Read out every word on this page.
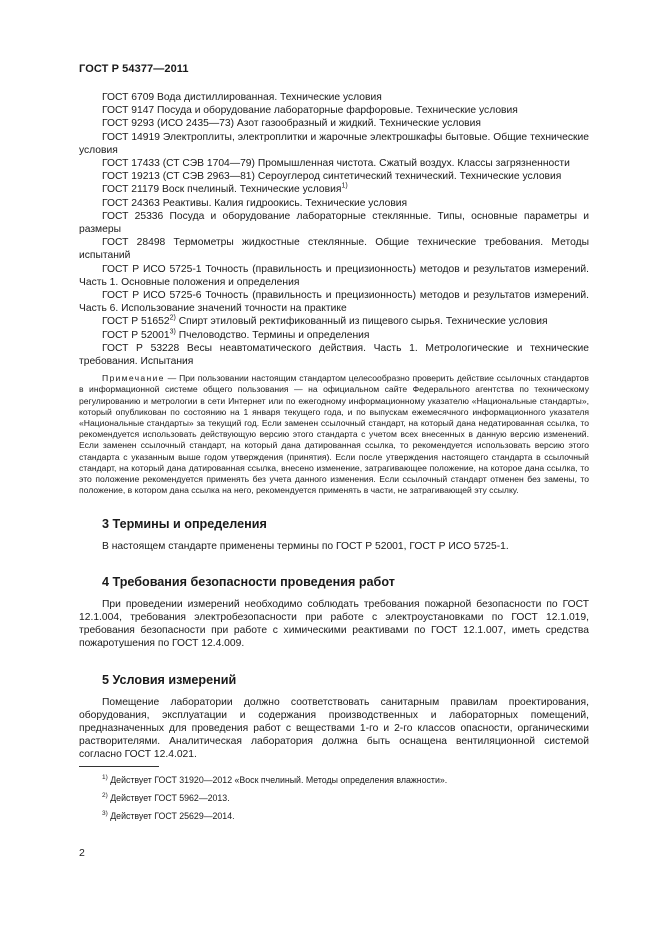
ГОСТ Р 54377—2011

ГОСТ 6709 Вода дистиллированная. Технические условия

ГОСТ 9147 Посуда и оборудование лабораторные фарфоровые. Технические условия

ГОСТ 9293 (ИСО 2435—73) Азот газообразный и жидкий. Технические условия

ГОСТ 14919 Электроплиты, электроплитки и жарочные электрошкафы бытовые. Общие технические условия

ГОСТ 17433 (СТ СЭВ 1704—79) Промышленная чистота. Сжатый воздух. Классы загрязненности

ГОСТ 19213 (СТ СЭВ 2963—81) Сероуглерод синтетический технический. Технические условия

ГОСТ 21179 Воск пчелиный. Технические условия$^{1)}$

ГОСТ 24363 Реактивы. Калия гидроокись. Технические условия

ГОСТ 25336 Посуда и оборудование лабораторные стеклянные. Типы, основные параметры и размеры

ГОСТ 28498 Термометры жидкостные стеклянные. Общие технические требования. Методы испытаний

ГОСТ Р ИСО 5725-1 Точность (правильность и прецизионность) методов и результатов измерений. Часть 1. Основные положения и определения

ГОСТ Р ИСО 5725-6 Точность (правильность и прецизионность) методов и результатов измерений. Часть 6. Использование значений точности на практике

ГОСТ Р 51652$^{2)}$ Спирт этиловый ректификованный из пищевого сырья. Технические условия

ГОСТ Р 52001$^{3)}$ Пчеловодство. Термины и определения

ГОСТ Р 53228 Весы неавтоматического действия. Часть 1. Метрологические и технические требования. Испытания

Примечание — При пользовании настоящим стандартом целесообразно проверить действие ссылочных стандартов в информационной системе общего пользования — на официальном сайте Федерального агентства по техническому регулированию и метрологии в сети Интернет или по ежегодному информационному указателю «Национальные стандарты», который опубликован по состоянию на 1 января текущего года, и по выпускам ежемесячного информационного указателя «Национальные стандарты» за текущий год. Если заменен ссылочный стандарт, на который дана недатированная ссылка, то рекомендуется использовать действующую версию этого стандарта с учетом всех внесенных в данную версию изменений. Если заменен ссылочный стандарт, на который дана датированная ссылка, то рекомендуется использовать версию этого стандарта с указанным выше годом утверждения (принятия). Если после утверждения настоящего стандарта в ссылочный стандарт, на который дана датированная ссылка, внесено изменение, затрагивающее положение, на которое дана ссылка, то это положение рекомендуется применять без учета данного изменения. Если ссылочный стандарт отменен без замены, то положение, в котором дана ссылка на него, рекомендуется применять в части, не затрагивающей эту ссылку.

3 Термины и определения

В настоящем стандарте применены термины по ГОСТ Р 52001, ГОСТ Р ИСО 5725-1.

4 Требования безопасности проведения работ

При проведении измерений необходимо соблюдать требования пожарной безопасности по ГОСТ 12.1.004, требования электробезопасности при работе с электроустановками по ГОСТ 12.1.019, требования безопасности при работе с химическими реактивами по ГОСТ 12.1.007, иметь средства пожаротушения по ГОСТ 12.4.009.

5 Условия измерений

Помещение лаборатории должно соответствовать санитарным правилам проектирования, оборудования, эксплуатации и содержания производственных и лабораторных помещений, предназначенных для проведения работ с веществами 1-го и 2-го классов опасности, органическими растворителями. Аналитическая лаборатория должна быть оснащена вентиляционной системой согласно ГОСТ 12.4.021.

$^{1)}$ Действует ГОСТ 31920—2012 «Воск пчелиный. Методы определения влажности».
$^{2)}$ Действует ГОСТ 5962—2013.
$^{3)}$ Действует ГОСТ 25629—2014.
2
